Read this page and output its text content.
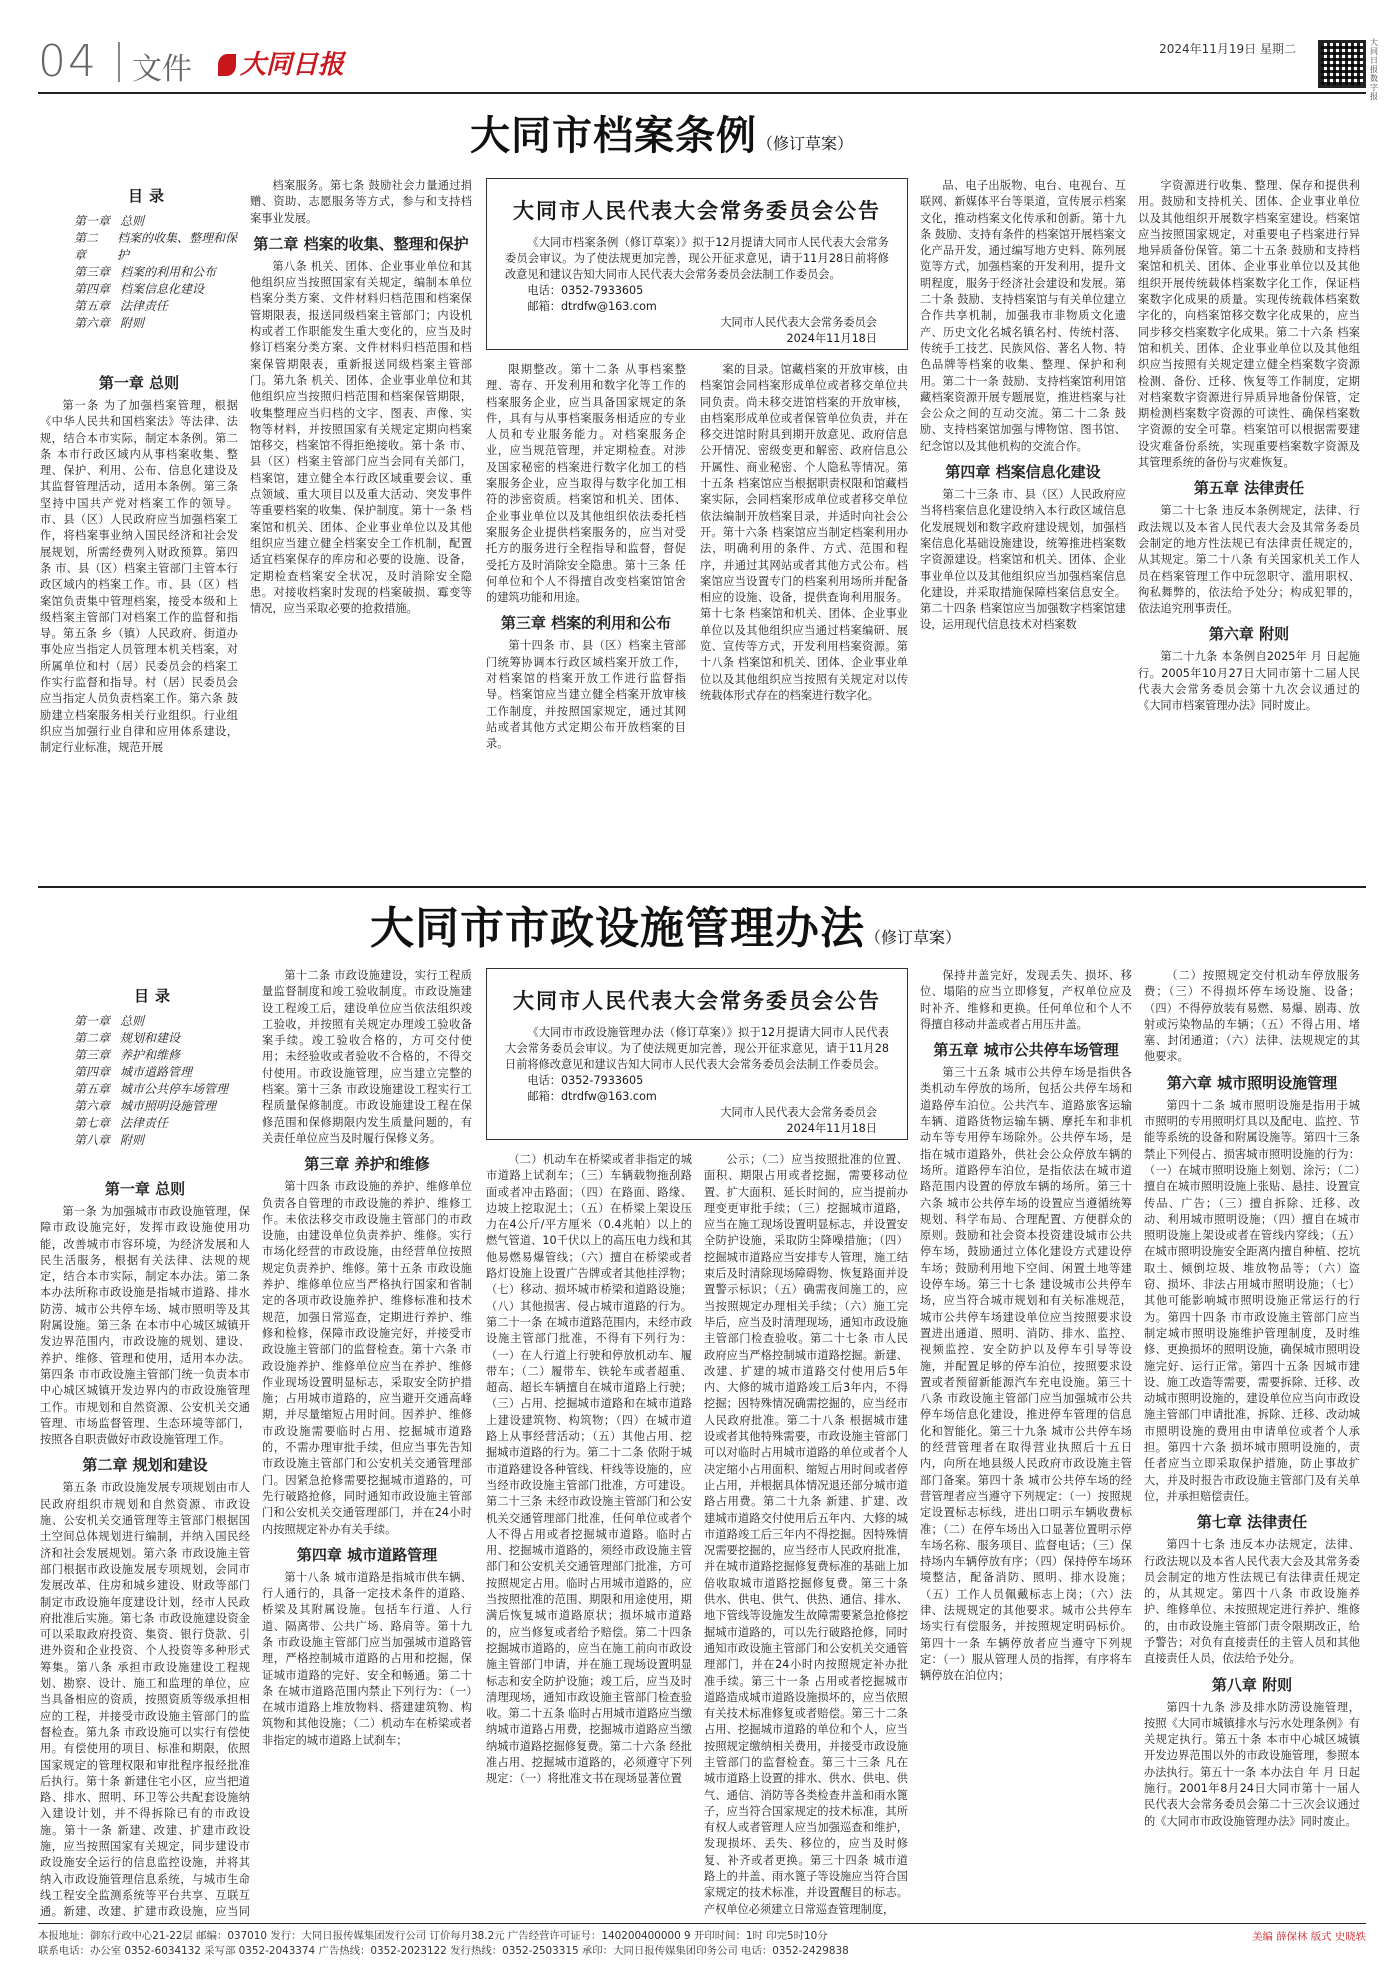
04 文件	大同日报
2024年11月19日 星期二	大同日报数字报
大同市档案条例（修订草案）
目录
第一章 总则
第二章
档案的收集、整理和保护
第三章 档案的利用和公布
第四章 档案信息化建设
第五章 法律责任
第六章 附则
大同市人民代表大会常务委员会公告
《大同市档案条例（修订草案）》拟于12月提请大同市人民代表大会常务委员会审议。为了使法规更加完善，现公开征求意见，请于11月28日前将修改意见和建议告知大同市人民代表大会常务委员会法制工作委员会。
电话：0352-7933605
邮箱：dtrdfw@163.com
大同市人民代表大会常务委员会
2024年11月18日
第一章 总则

第一条 为了加强档案管理，根据《中华人民共和国档案法》等法律、法规，结合本市实际，制定本条例。第二条 本市行政区域内从事档案收集、整理、保护、利用、公布、信息化建设及其监督管理活动，适用本条例。第三条 坚持中国共产党对档案工作的领导。市、县（区）人民政府应当加强档案工作，将档案事业纳入国民经济和社会发展规划，所需经费列入财政预算。第四条 市、县（区）档案主管部门主管本行政区域内的档案工作。市、县（区）档案馆负责集中管理档案，接受本级和上级档案主管部门对档案工作的监督和指导。第五条 乡（镇）人民政府、街道办事处应当指定人员管理本机关档案，对所属单位和村（居）民委员会的档案工作实行监督和指导。村（居）民委员会应当指定人员负责档案工作。第六条 鼓励建立档案服务相关行业组织。行业组织应当加强行业自律和应用体系建设，制定行业标准，规范开展

档案服务。第七条 鼓励社会力量通过捐赠、资助、志愿服务等方式，参与和支持档案事业发展。

第二章 档案的收集、整理和保护

第八条 机关、团体、企业事业单位和其他组织应当按照国家有关规定，编制本单位档案分类方案、文件材料归档范围和档案保管期限表，报送同级档案主管部门；内设机构或者工作职能发生重大变化的，应当及时修订档案分类方案、文件材料归档范围和档案保管期限表，重新报送同级档案主管部门。第九条 机关、团体、企业事业单位和其他组织应当按照归档范围和档案保管期限，收集整理应当归档的文字、图表、声像、实物等材料，并按照国家有关规定定期向档案馆移交，档案馆不得拒绝接收。第十条 市、县（区）档案主管部门应当会同有关部门，档案馆，建立健全本行政区域重要会议、重点领域、重大项目以及重大活动、突发事件等重要档案的收集、保护制度。第十一条 档案馆和机关、团体、企业事业单位以及其他组织应当建立健全档案安全工作机制，配置适宜档案保存的库房和必要的设施、设备，定期检查档案安全状况，及时消除安全隐患。对接收档案时发现的档案破损、霉变等情况，应当采取必要的抢救措施。

限期整改。第十二条 从事档案整理、寄存、开发利用和数字化等工作的档案服务企业，应当具备国家规定的条件，具有与从事档案服务相适应的专业人员和专业服务能力。对档案服务企业，应当规范管理，并定期检查。对涉及国家秘密的档案进行数字化加工的档案服务企业，应当取得与数字化加工相符的涉密资质。档案馆和机关、团体、企业事业单位以及其他组织依法委托档案服务企业提供档案服务的，应当对受托方的服务进行全程指导和监督，督促受托方及时消除安全隐患。第十三条 任何单位和个人不得擅自改变档案馆馆舍的建筑功能和用途。

第三章 档案的利用和公布

第十四条 市、县（区）档案主管部门统筹协调本行政区域档案开放工作，对档案馆的档案开放工作进行监督指导。档案馆应当建立健全档案开放审核工作制度，并按照国家规定，通过其网站或者其他方式定期公布开放档案的目录。

案的目录。馆藏档案的开放审核，由档案馆会同档案形成单位或者移交单位共同负责。尚未移交进馆档案的开放审核，由档案形成单位或者保管单位负责，并在移交进馆时附具到期开放意见、政府信息公开情况、密级变更和解密、政府信息公开属性、商业秘密、个人隐私等情况。第十五条 档案馆应当根据职责权限和馆藏档案实际，会同档案形成单位或者移交单位依法编制开放档案目录，并适时向社会公开。第十六条 档案馆应当制定档案利用办法，明确利用的条件、方式、范围和程序，并通过其网站或者其他方式公布。档案馆应当设置专门的档案利用场所并配备相应的设施、设备，提供查询利用服务。第十七条 档案馆和机关、团体、企业事业单位以及其他组织应当通过档案编研、展览、宣传等方式，开发利用档案资源。第十八条 档案馆和机关、团体、企业事业单位以及其他组织应当按照有关规定对以传统载体形式存在的档案进行数字化。

品、电子出版物、电台、电视台、互联网、新媒体平台等渠道，宣传展示档案文化，推动档案文化传承和创新。第十九条 鼓励、支持有条件的档案馆开展档案文化产品开发，通过编写地方史料、陈列展览等方式，加强档案的开发利用，提升文明程度，服务于经济社会建设和发展。第二十条 鼓励、支持档案馆与有关单位建立合作共享机制，加强我市非物质文化遗产、历史文化名城名镇名村、传统村落、传统手工技艺、民族风俗、著名人物、特色品牌等档案的收集、整理、保护和利用。第二十一条 鼓励、支持档案馆利用馆藏档案资源开展专题展览，推进档案与社会公众之间的互动交流。第二十二条 鼓励、支持档案馆加强与博物馆、图书馆、纪念馆以及其他机构的交流合作。

第四章 档案信息化建设

第二十三条 市、县（区）人民政府应当将档案信息化建设纳入本行政区域信息化发展规划和数字政府建设规划，加强档案信息化基础设施建设，统筹推进档案数字资源建设。档案馆和机关、团体、企业事业单位以及其他组织应当加强档案信息化建设，并采取措施保障档案信息安全。第二十四条 档案馆应当加强数字档案馆建设，运用现代信息技术对档案数

字资源进行收集、整理、保存和提供利用。鼓励和支持机关、团体、企业事业单位以及其他组织开展数字档案室建设。档案馆应当按照国家规定，对重要电子档案进行异地异质备份保管。第二十五条 鼓励和支持档案馆和机关、团体、企业事业单位以及其他组织开展传统载体档案数字化工作，保证档案数字化成果的质量。实现传统载体档案数字化的，向档案馆移交数字化成果的，应当同步移交档案数字化成果。第二十六条 档案馆和机关、团体、企业事业单位以及其他组织应当按照有关规定建立健全档案数字资源检测、备份、迁移、恢复等工作制度，定期对档案数字资源进行异质异地备份保管，定期检测档案数字资源的可读性、确保档案数字资源的安全可靠。档案馆可以根据需要建设灾难备份系统，实现重要档案数字资源及其管理系统的备份与灾难恢复。

第五章 法律责任

第二十七条 违反本条例规定，法律、行政法规以及本省人民代表大会及其常务委员会制定的地方性法规已有法律责任规定的，从其规定。第二十八条 有关国家机关工作人员在档案管理工作中玩忽职守、滥用职权、徇私舞弊的，依法给予处分；构成犯罪的，依法追究刑事责任。

第六章 附则

第二十九条 本条例自2025年 月 日起施行。2005年10月27日大同市第十二届人民代表大会常务委员会第十九次会议通过的《大同市档案管理办法》同时废止。

大同市市政设施管理办法（修订草案）
目录
第一章 总则
第二章 规划和建设
第三章 养护和维修
第四章 城市道路管理
第五章 城市公共停车场管理
第六章 城市照明设施管理
第七章 法律责任
第八章 附则
大同市人民代表大会常务委员会公告
《大同市市政设施管理办法（修订草案）》拟于12月提请大同市人民代表大会常务委员会审议。为了使法规更加完善，现公开征求意见，请于11月28日前将修改意见和建议告知大同市人民代表大会常务委员会法制工作委员会。
电话：0352-7933605
邮箱：dtrdfw@163.com
大同市人民代表大会常务委员会
2024年11月18日
第一章 总则

第一条 为加强城市市政设施管理，保障市政设施完好，发挥市政设施使用功能，改善城市市容环境，为经济发展和人民生活服务，根据有关法律、法规的规定，结合本市实际，制定本办法。第二条 本办法所称市政设施是指城市道路、排水防涝、城市公共停车场、城市照明等及其附属设施。第三条 在本市中心城区城镇开发边界范围内，市政设施的规划、建设、养护、维修、管理和使用，适用本办法。第四条 市市政设施主管部门统一负责本市中心城区城镇开发边界内的市政设施管理工作。市规划和自然资源、公安机关交通管理、市场监督管理、生态环境等部门，按照各自职责做好市政设施管理工作。

第二章 规划和建设

第五条 市政设施发展专项规划由市人民政府组织市规划和自然资源、市政设施、公安机关交通管理等主管部门根据国土空间总体规划进行编制，并纳入国民经济和社会发展规划。第六条 市政设施主管部门根据市政设施发展专项规划，会同市发展改革、住房和城乡建设、财政等部门制定市政设施年度建设计划，经市人民政府批准后实施。第七条 市政设施建设资金可以采取政府投资、集资、银行贷款、引进外资和企业投资、个人投资等多种形式筹集。第八条 承担市政设施建设工程规划、勘察、设计、施工和监理的单位，应当具备相应的资质，按照资质等级承担相应的工程，并接受市政设施主管部门的监督检查。第九条 市政设施可以实行有偿使用。有偿使用的项目、标准和期限，依照国家规定的管理权限和审批程序报经批准后执行。第十条 新建住宅小区，应当把道路、排水、照明、环卫等公共配套设施纳入建设计划，并不得拆除已有的市政设施。第十一条 新建、改建、扩建市政设施，应当按照国家有关规定，同步建设市政设施安全运行的信息监控设施，并将其纳入市政设施管理信息系统，与城市生命线工程安全监测系统等平台共享、互联互通。新建、改建、扩建市政设施，应当同

第十二条 市政设施建设，实行工程质量监督制度和竣工验收制度。市政设施建设工程竣工后，建设单位应当依法组织竣工验收，并按照有关规定办理竣工验收备案手续。竣工验收合格的，方可交付使用；未经验收或者验收不合格的，不得交付使用。市政设施管理，应当建立完整的档案。第十三条 市政设施建设工程实行工程质量保修制度。市政设施建设工程在保修范围和保修期限内发生质量问题的，有关责任单位应当及时履行保修义务。

第三章 养护和维修

第十四条 市政设施的养护、维修单位负责各自管理的市政设施的养护、维修工作。未依法移交市政设施主管部门的市政设施，由建设单位负责养护、维修。实行市场化经营的市政设施，由经营单位按照规定负责养护、维修。第十五条 市政设施养护、维修单位应当严格执行国家和省制定的各项市政设施养护、维修标准和技术规范，加强日常巡查，定期进行养护、维修和检修，保障市政设施完好，并接受市政设施主管部门的监督检查。第十六条 市政设施养护、维修单位应当在养护、维修作业现场设置明显标志，采取安全防护措施；占用城市道路的，应当避开交通高峰期，并尽量缩短占用时间。因养护、维修市政设施需要临时占用、挖掘城市道路的，不需办理审批手续，但应当事先告知市政设施主管部门和公安机关交通管理部门。因紧急抢修需要挖掘城市道路的，可先行破路抢修，同时通知市政设施主管部门和公安机关交通管理部门，并在24小时内按照规定补办有关手续。

第四章 城市道路管理

第十八条 城市道路是指城市供车辆、行人通行的，具备一定技术条件的道路、桥梁及其附属设施。包括车行道、人行道、隔离带、公共广场、路肩等。第十九条 市政设施主管部门应当加强城市道路管理，严格控制城市道路的占用和挖掘，保证城市道路的完好、安全和畅通。第二十条 在城市道路范围内禁止下列行为：（一）在城市道路上堆放物料、搭建建筑物、构筑物和其他设施；（二）机动车在桥梁或者非指定的城市道路上试刹车；

（二）机动车在桥梁或者非指定的城市道路上试刹车；（三）车辆载物拖刮路面或者冲击路面；（四）在路面、路缘、边坡上挖取泥土；（五）在桥梁上架设压力在4公斤/平方厘米（0.4兆帕）以上的燃气管道、10千伏以上的高压电力线和其他易燃易爆管线；（六）擅自在桥梁或者路灯设施上设置广告牌或者其他挂浮物；（七）移动、损坏城市桥梁和道路设施；（八）其他损害、侵占城市道路的行为。第二十一条 在城市道路范围内，未经市政设施主管部门批准，不得有下列行为：（一）在人行道上行驶和停放机动车、履带车；（二）履带车、铁轮车或者超重、超高、超长车辆擅自在城市道路上行驶；（三）占用、挖掘城市道路和在城市道路上建设建筑物、构筑物；（四）在城市道路上从事经营活动；（五）其他占用、挖掘城市道路的行为。第二十二条 依附于城市道路建设各种管线、杆线等设施的，应当经市政设施主管部门批准，方可建设。第二十三条 未经市政设施主管部门和公安机关交通管理部门批准，任何单位或者个人不得占用或者挖掘城市道路。临时占用、挖掘城市道路的，须经市政设施主管部门和公安机关交通管理部门批准，方可按照规定占用。临时占用城市道路的，应当按照批准的范围、期限和用途使用，期满后恢复城市道路原状；损坏城市道路的，应当修复或者给予赔偿。第二十四条 挖掘城市道路的，应当在施工前向市政设施主管部门申请，并在施工现场设置明显标志和安全防护设施；竣工后，应当及时清理现场，通知市政设施主管部门检查验收。第二十五条 临时占用城市道路应当缴纳城市道路占用费，挖掘城市道路应当缴纳城市道路挖掘修复费。第二十六条 经批准占用、挖掘城市道路的，必须遵守下列规定：（一）将批准文书在现场显著位置

公示；（二）应当按照批准的位置、面积、期限占用或者挖掘，需要移动位置、扩大面积、延长时间的，应当提前办理变更审批手续；（三）挖掘城市道路，应当在施工现场设置明显标志，并设置安全防护设施，采取防尘降噪措施；（四）挖掘城市道路应当安排专人管理，施工结束后及时清除现场障碍物、恢复路面并设置警示标识；（五）确需夜间施工的，应当按照规定办理相关手续；（六）施工完毕后，应当及时清理现场，通知市政设施主管部门检查验收。第二十七条 市人民政府应当严格控制城市道路挖掘。新建、改建、扩建的城市道路交付使用后5年内、大修的城市道路竣工后3年内，不得挖掘；因特殊情况确需挖掘的，应当经市人民政府批准。第二十八条 根据城市建设或者其他特殊需要，市政设施主管部门可以对临时占用城市道路的单位或者个人决定缩小占用面积、缩短占用时间或者停止占用，并根据具体情况退还部分城市道路占用费。第二十九条 新建、扩建、改建城市道路交付使用后五年内、大修的城市道路竣工后三年内不得挖掘。因特殊情况需要挖掘的，应当经市人民政府批准，并在城市道路挖掘修复费标准的基础上加倍收取城市道路挖掘修复费。第三十条 供水、供电、供气、供热、通信、排水、地下管线等设施发生故障需要紧急抢修挖掘城市道路的，可以先行破路抢修，同时通知市政设施主管部门和公安机关交通管理部门，并在24小时内按照规定补办批准手续。第三十一条 占用或者挖掘城市道路造成城市道路设施损坏的，应当依照有关技术标准修复或者赔偿。第三十二条 占用、挖掘城市道路的单位和个人，应当按照规定缴纳相关费用，并接受市政设施主管部门的监督检查。第三十三条 凡在城市道路上设置的排水、供水、供电、供气、通信、消防等各类检查井盖和雨水篦子，应当符合国家规定的技术标准，其所有权人或者管理人应当加强巡查和维护，发现损坏、丢失、移位的，应当及时修复、补齐或者更换。第三十四条 城市道路上的井盖、雨水篦子等设施应当符合国家规定的技术标准，并设置醒目的标志。产权单位必须建立日常巡查管理制度，

保持井盖完好，发现丢失、损坏、移位、塌陷的应当立即修复，产权单位应及时补齐、维修和更换。任何单位和个人不得擅自移动井盖或者占用压井盖。

第五章 城市公共停车场管理

第三十五条 城市公共停车场是指供各类机动车停放的场所，包括公共停车场和道路停车泊位。公共汽车、道路旅客运输车辆、道路货物运输车辆、摩托车和非机动车等专用停车场除外。公共停车场，是指在城市道路外，供社会公众停放车辆的场所。道路停车泊位，是指依法在城市道路范围内设置的停放车辆的场所。第三十六条 城市公共停车场的设置应当遵循统筹规划、科学布局、合理配置、方便群众的原则。鼓励和社会资本投资建设城市公共停车场，鼓励通过立体化建设方式建设停车场；鼓励利用地下空间、闲置土地等建设停车场。第三十七条 建设城市公共停车场，应当符合城市规划和有关标准规范，城市公共停车场建设单位应当按照要求设置进出通道、照明、消防、排水、监控、视频监控、安全防护以及停车引导等设施，并配置足够的停车泊位，按照要求设置或者预留新能源汽车充电设施。第三十八条 市政设施主管部门应当加强城市公共停车场信息化建设，推进停车管理的信息化和智能化。第三十九条 城市公共停车场的经营管理者在取得营业执照后十五日内，向所在地县级人民政府市政设施主管部门备案。第四十条 城市公共停车场的经营管理者应当遵守下列规定：（一）按照规定设置标志标线，进出口明示车辆收费标准；（二）在停车场出入口显著位置明示停车场名称、服务项目、监督电话；（三）保持场内车辆停放有序；（四）保持停车场环境整洁，配备消防、照明、排水设施；（五）工作人员佩戴标志上岗；（六）法律、法规规定的其他要求。城市公共停车场实行有偿服务，并按照规定明码标价。第四十一条 车辆停放者应当遵守下列规定：（一）服从管理人员的指挥，有序将车辆停放在泊位内；

（二）按照规定交付机动车停放服务费；（三）不得损坏停车场设施、设备；（四）不得停放装有易燃、易爆、剧毒、放射或污染物品的车辆；（五）不得占用、堵塞、封闭通道；（六）法律、法规规定的其他要求。

第六章 城市照明设施管理

第四十二条 城市照明设施是指用于城市照明的专用照明灯具以及配电、监控、节能等系统的设备和附属设施等。第四十三条 禁止下列侵占、损害城市照明设施的行为：（一）在城市照明设施上刻划、涂污；（二）擅自在城市照明设施上张贴、悬挂、设置宣传品、广告；（三）擅自拆除、迁移、改动、利用城市照明设施；（四）擅自在城市照明设施上架设或者在管线内穿线；（五）在城市照明设施安全距离内擅自种植、挖坑取土、倾倒垃圾、堆放物品等；（六）盗窃、损坏、非法占用城市照明设施；（七）其他可能影响城市照明设施正常运行的行为。第四十四条 市市政设施主管部门应当制定城市照明设施维护管理制度，及时维修、更换损坏的照明设施，确保城市照明设施完好、运行正常。第四十五条 因城市建设、施工改造等需要，需要拆除、迁移、改动城市照明设施的，建设单位应当向市政设施主管部门申请批准，拆除、迁移、改动城市照明设施的费用由申请单位或者个人承担。第四十六条 损坏城市照明设施的，责任者应当立即采取保护措施，防止事故扩大，并及时报告市政设施主管部门及有关单位，并承担赔偿责任。

第七章 法律责任

第四十七条 违反本办法规定，法律、行政法规以及本省人民代表大会及其常务委员会制定的地方性法规已有法律责任规定的，从其规定。第四十八条 市政设施养护、维修单位、未按照规定进行养护、维修的，由市政设施主管部门责令限期改正，给予警告；对负有直接责任的主管人员和其他直接责任人员，依法给予处分。

第八章 附则

第四十九条 涉及排水防涝设施管理，按照《大同市城镇排水与污水处理条例》有关规定执行。第五十条 本市中心城区城镇开发边界范围以外的市政设施管理，参照本办法执行。第五十一条 本办法自 年 月 日起施行。2001年8月24日大同市第十一届人民代表大会常务委员会第二十三次会议通过的《大同市市政设施管理办法》同时废止。

本报地址：御东行政中心21-22层 邮编：037010 发行：大同日报传媒集团发行公司 订价每月38.2元 广告经营许可证号：140200400000 9 开印时间：1时 印完5时10分
联系电话：办公室 0352-6034132 采写部 0352-2043374 广告热线：0352-2023122 发行热线：0352-2503315 承印：大同日报传媒集团印务公司 电话：0352-2429838
美编 薛保林 版式 史晓轶
